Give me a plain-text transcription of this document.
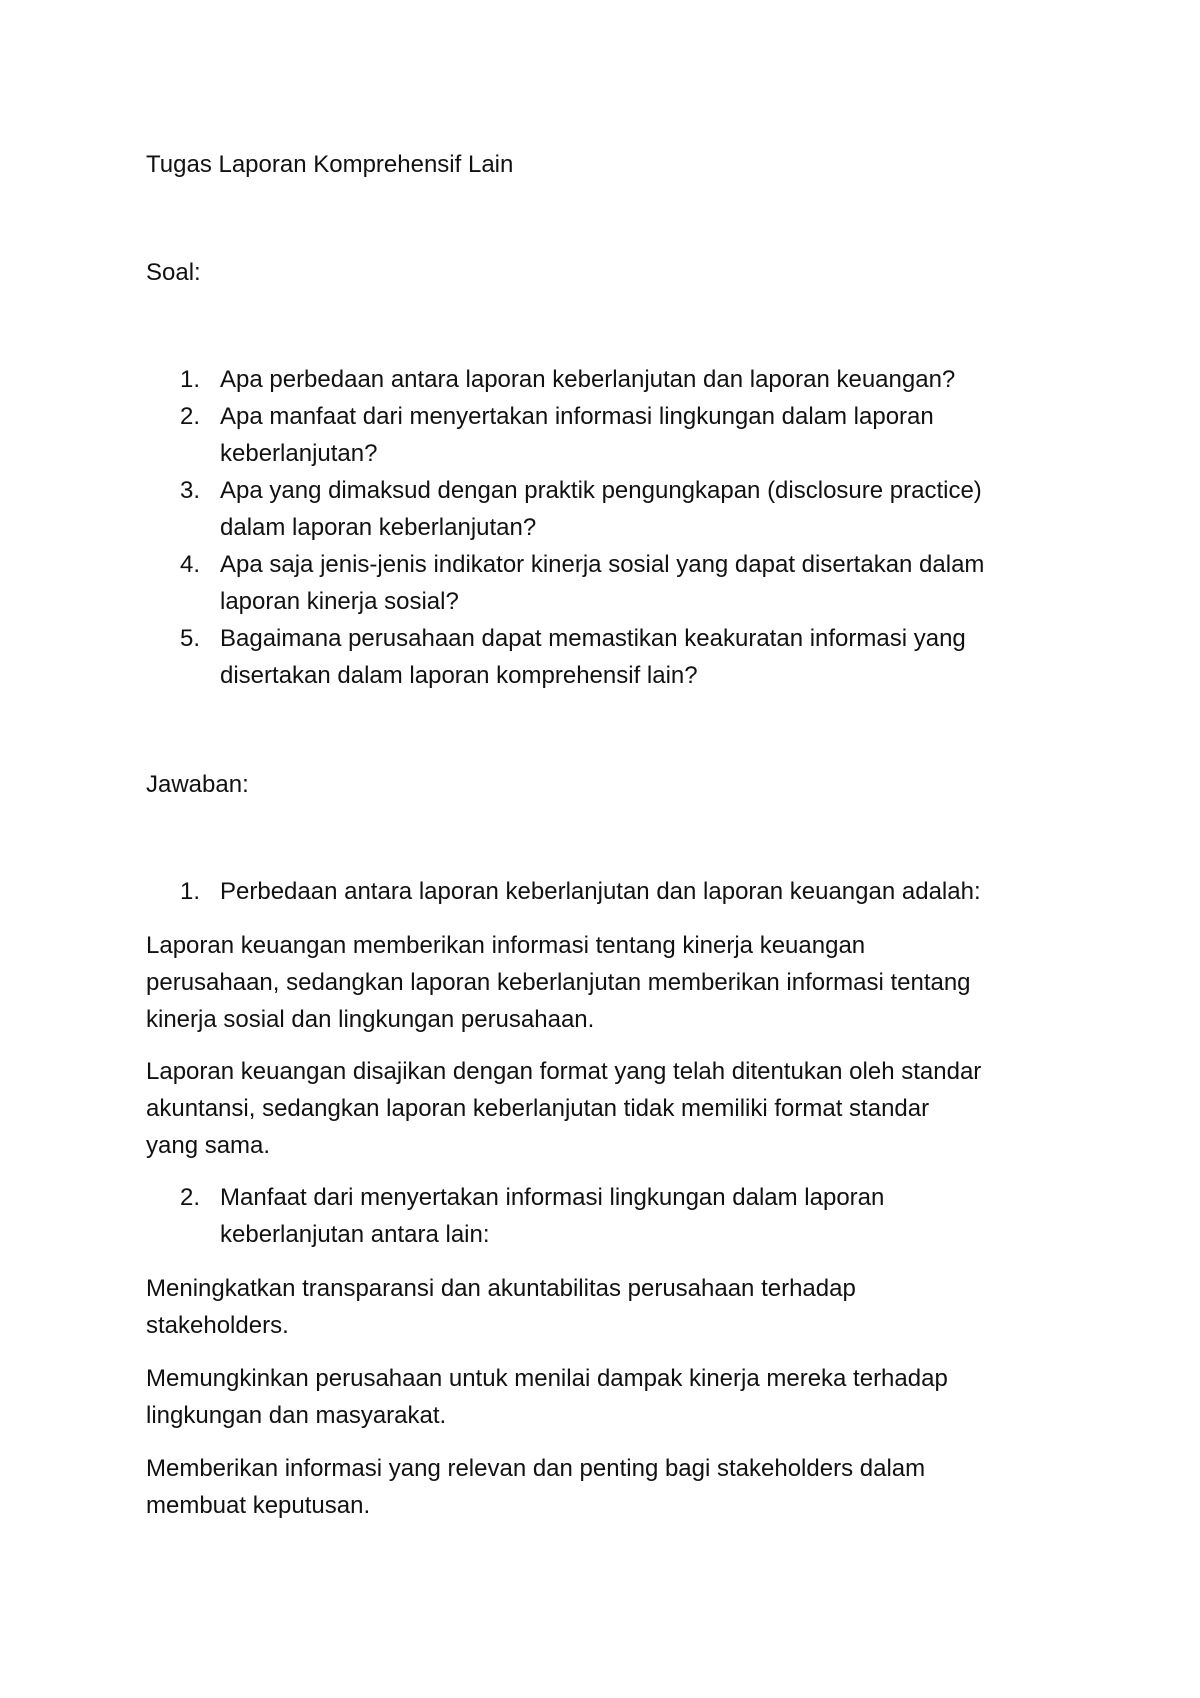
Tugas Laporan Komprehensif Lain
Soal:
1. Apa perbedaan antara laporan keberlanjutan dan laporan keuangan?
2. Apa manfaat dari menyertakan informasi lingkungan dalam laporan
keberlanjutan?
3. Apa yang dimaksud dengan praktik pengungkapan (disclosure practice)
dalam laporan keberlanjutan?
4. Apa saja jenis-jenis indikator kinerja sosial yang dapat disertakan dalam
laporan kinerja sosial?
5. Bagaimana perusahaan dapat memastikan keakuratan informasi yang
disertakan dalam laporan komprehensif lain?
Jawaban:
1. Perbedaan antara laporan keberlanjutan dan laporan keuangan adalah:
Laporan keuangan memberikan informasi tentang kinerja keuangan
perusahaan, sedangkan laporan keberlanjutan memberikan informasi tentang
kinerja sosial dan lingkungan perusahaan.
Laporan keuangan disajikan dengan format yang telah ditentukan oleh standar
akuntansi, sedangkan laporan keberlanjutan tidak memiliki format standar
yang sama.
2. Manfaat dari menyertakan informasi lingkungan dalam laporan
keberlanjutan antara lain:
Meningkatkan transparansi dan akuntabilitas perusahaan terhadap
stakeholders.
Memungkinkan perusahaan untuk menilai dampak kinerja mereka terhadap
lingkungan dan masyarakat.
Memberikan informasi yang relevan dan penting bagi stakeholders dalam
membuat keputusan.
